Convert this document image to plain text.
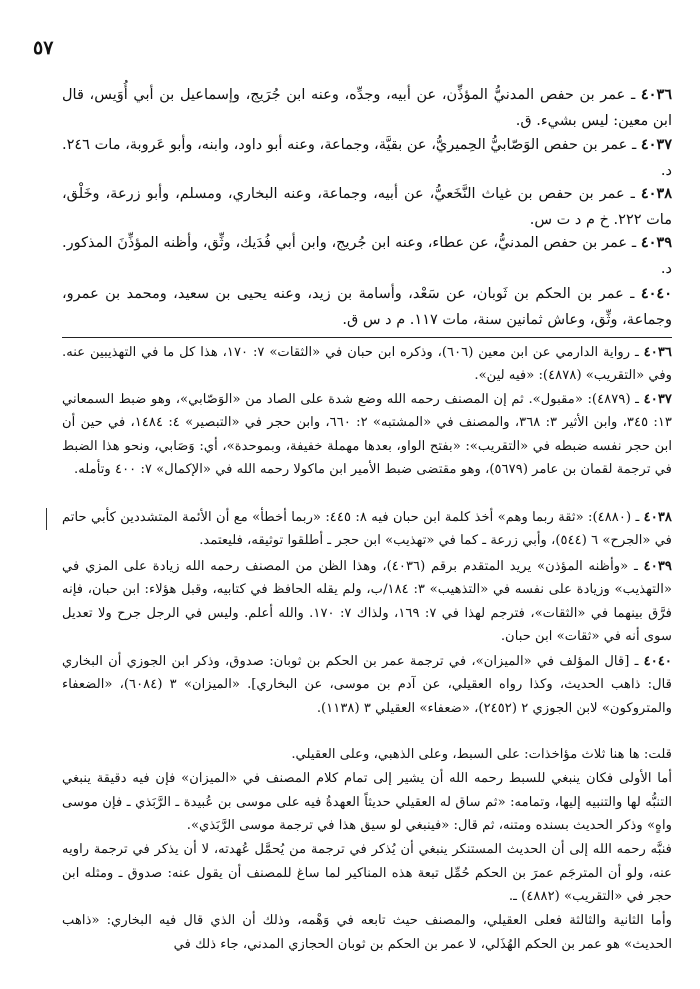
٥٧
٤٠٣٦ ـ عمر بن حفص المدنيُّ المؤذِّن، عن أبيه، وجدِّه، وعنه ابن جُرَيج، وإسماعيل بن أبي أُوَيس، قال ابن معين: ليس بشيء. ق.
٤٠٣٧ ـ عمر بن حفص الوَصّابيُّ الحِميريُّ، عن بقيَّة، وجماعة، وعنه أبو داود، وابنه، وأبو عَروبة، مات ٢٤٦. د.
٤٠٣٨ ـ عمر بن حفص بن غياث النَّخَعيُّ، عن أبيه، وجماعة، وعنه البخاري، ومسلم، وأبو زرعة، وخَلْق، مات ٢٢٢. خ م د ت س.
٤٠٣٩ ـ عمر بن حفص المدنيُّ، عن عطاء، وعنه ابن جُريج، وابن أبي فُدَيك، وثِّق، وأظنه المؤذِّنَ المذكور. د.
٤٠٤٠ ـ عمر بن الحكم بن ثَوبان، عن سَعْد، وأسامة بن زيد، وعنه يحيى بن سعيد، ومحمد بن عمرو، وجماعة، وثِّق، وعاش ثمانين سنة، مات ١١٧. م د س ق.
٤٠٣٦ ـ رواية الدارمي عن ابن معين (٦٠٦)، وذكره ابن حبان في «الثقات» ٧: ١٧٠، هذا كل ما في التهذيبين عنه. وفي «التقريب» (٤٨٧٨): «فيه لين».
٤٠٣٧ ـ (٤٨٧٩): «مقبول». ثم إن المصنف رحمه الله وضع شدة على الصاد من «الوَصّابي»، وهو ضبط السمعاني ١٣: ٣٤٥، وابن الأثير ٣: ٣٦٨، والمصنف في «المشتبه» ٢: ٦٦٠، وابن حجر في «التبصير» ٤: ١٤٨٤، في حين أن ابن حجر نفسه ضبطه في «التقريب»: «بفتح الواو، بعدها مهملة خفيفة، وبموحدة»، أي: وَصَابي، ونحو هذا الضبط في ترجمة لقمان بن عامر (٥٦٧٩)، وهو مقتضى ضبط الأمير ابن ماكولا رحمه الله في «الإكمال» ٧: ٤٠٠ وتأمله.
٤٠٣٨ ـ (٤٨٨٠): «ثقة ربما وهم» أخذ كلمة ابن حبان فيه ٨: ٤٤٥: «ربما أخطأ» مع أن الأئمة المتشددين كأبي حاتم في «الجرح» ٦ (٥٤٤)، وأبي زرعة ـ كما في «تهذيب» ابن حجر ـ أطلقوا توثيقه، فليعتمد.
٤٠٣٩ ـ «وأظنه المؤذن» يريد المتقدم برقم (٤٠٣٦)، وهذا الظن من المصنف رحمه الله زيادة على المزي في «التهذيب» وزيادة على نفسه في «التذهيب» ٣: ١٨٤/ب، ولم يقله الحافظ في كتابيه، وقبل هؤلاء: ابن حبان، فإنه فرَّق بينهما في «الثقات»، فترجم لهذا في ٧: ١٦٩، ولذاك ٧: ١٧٠. والله أعلم. وليس في الرجل جرح ولا تعديل سوى أنه في «ثقات» ابن حبان.
٤٠٤٠ ـ [قال المؤلف في «الميزان»، في ترجمة عمر بن الحكم بن ثوبان: صدوق، وذكر ابن الجوزي أن البخاري قال: ذاهب الحديث، وكذا رواه العقيلي، عن آدم بن موسى، عن البخاري]. «الميزان» ٣ (٦٠٨٤)، «الضعفاء والمتروكون» لابن الجوزي ٢ (٢٤٥٢)، «ضعفاء» العقيلي ٣ (١١٣٨).
قلت: ها هنا ثلاث مؤاخذات: على السبط، وعلى الذهبي، وعلى العقيلي.
أما الأولى فكان ينبغي للسبط رحمه الله أن يشير إلى تمام كلام المصنف في «الميزان» فإن فيه دقيقة ينبغي التنبُّه لها والتنبيه إليها، وتمامه: «ثم ساق له العقيلي حديثاً العهدةُ فيه على موسى بن عُبيدة ـ الرَّبَذي ـ فإن موسى واهٍ» وذكر الحديث بسنده ومتنه، ثم قال: «فينبغي لو سيق هذا في ترجمة موسى الرَّبَذي».
فنبَّه رحمه الله إلى أن الحديث المستنكر ينبغي أن يُذكر في ترجمة من يُحمَّل عُهدته، لا أن يذكر في ترجمة راويه عنه، ولو أن المترجَم عمرَ بن الحكم حُمِّل تبعة هذه المناكير لما ساغ للمصنف أن يقول عنه: صدوق ـ ومثله ابن حجر في «التقريب» (٤٨٨٢) ـ.
وأما الثانية والثالثة فعلى العقيلي، والمصنف حيث تابعه في وَهْمه، وذلك أن الذي قال فيه البخاري: «ذاهب الحديث» هو عمر بن الحكم الهُذَلي، لا عمر بن الحكم بن ثوبان الحجازي المدني، جاء ذلك في
